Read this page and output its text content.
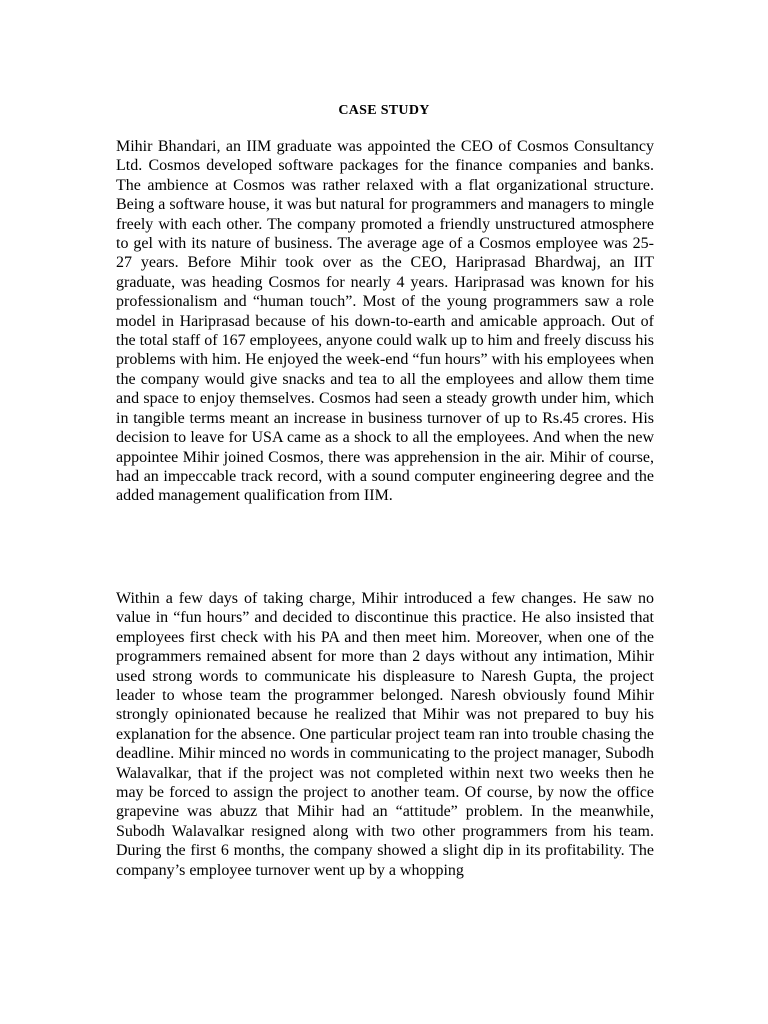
CASE STUDY

Mihir Bhandari, an IIM graduate was appointed the CEO of Cosmos Consultancy Ltd. Cosmos developed software packages for the finance companies and banks. The ambience at Cosmos was rather relaxed with a flat organizational structure. Being a software house, it was but natural for programmers and managers to mingle freely with each other. The company promoted a friendly unstructured atmosphere to gel with its nature of business. The average age of a Cosmos employee was 25-27 years. Before Mihir took over as the CEO, Hariprasad Bhardwaj, an IIT graduate, was heading Cosmos for nearly 4 years. Hariprasad was known for his professionalism and “human touch”. Most of the young programmers saw a role model in Hariprasad because of his down-to-earth and amicable approach. Out of the total staff of 167 employees, anyone could walk up to him and freely discuss his problems with him. He enjoyed the week-end “fun hours” with his employees when the company would give snacks and tea to all the employees and allow them time and space to enjoy themselves. Cosmos had seen a steady growth under him, which in tangible terms meant an increase in business turnover of up to Rs.45 crores. His decision to leave for USA came as a shock to all the employees. And when the new appointee Mihir joined Cosmos, there was apprehension in the air. Mihir of course, had an impeccable track record, with a sound computer engineering degree and the added management qualification from IIM.

Within a few days of taking charge, Mihir introduced a few changes. He saw no value in “fun hours” and decided to discontinue this practice. He also insisted that employees first check with his PA and then meet him. Moreover, when one of the programmers remained absent for more than 2 days without any intimation, Mihir used strong words to communicate his displeasure to Naresh Gupta, the project leader to whose team the programmer belonged. Naresh obviously found Mihir strongly opinionated because he realized that Mihir was not prepared to buy his explanation for the absence. One particular project team ran into trouble chasing the deadline. Mihir minced no words in communicating to the project manager, Subodh Walavalkar, that if the project was not completed within next two weeks then he may be forced to assign the project to another team. Of course, by now the office grapevine was abuzz that Mihir had an “attitude” problem. In the meanwhile, Subodh Walavalkar resigned along with two other programmers from his team. During the first 6 months, the company showed a slight dip in its profitability. The company’s employee turnover went up by a whopping
